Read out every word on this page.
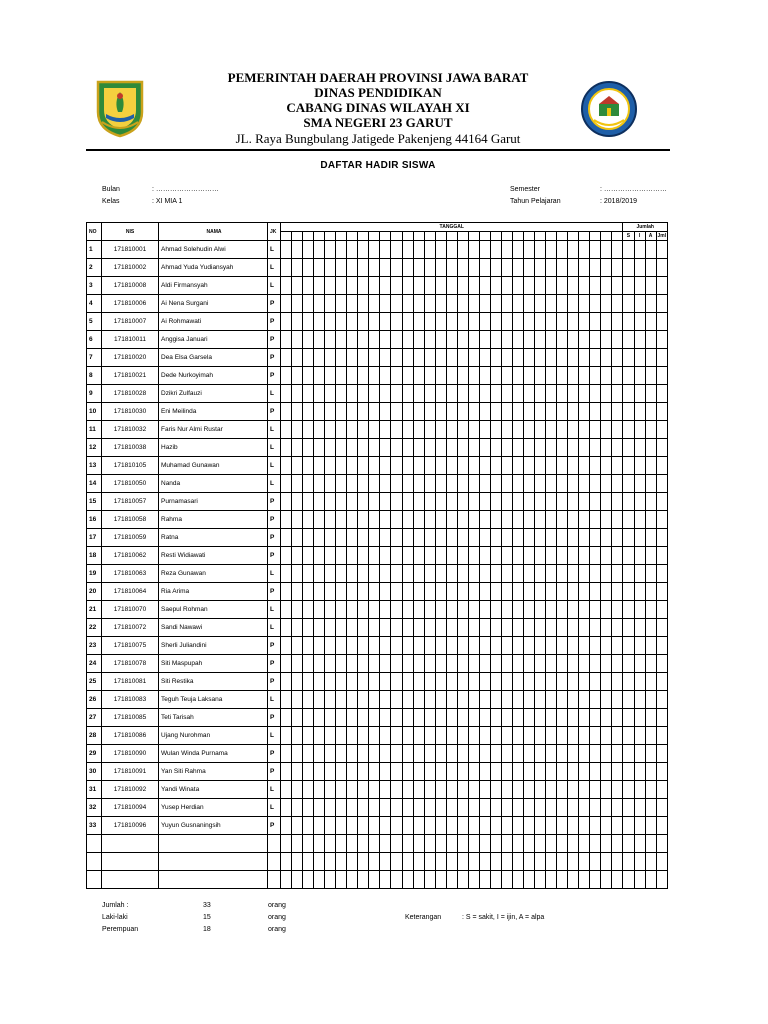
PEMERINTAH DAERAH PROVINSI JAWA BARAT
DINAS PENDIDIKAN
CABANG DINAS WILAYAH XI
SMA NEGERI 23 GARUT
JL. Raya Bungbulang Jatigede Pakenjeng 44164 Garut
DAFTAR HADIR SISWA
Bulan	: ………………………
Kelas	: XI MIA 1
Semester	: ………………………
Tahun Pelajaran	: 2018/2019
NO	NIS	NAMA	JK	TANGGAL																															Jumlah			
																																			S	I	A	Jml
1	171810001	Ahmad Solehudin Alwi	L																																			
2	171810002	Ahmad Yuda Yudiansyah	L																																			
3	171810008	Aldi Firmansyah	L																																			
4	171810006	Ai Nena Surgani	P																																			
5	171810007	Ai Rohmawati	P																																			
6	171810011	Anggisa Januari	P																																			
7	171810020	Dea Elsa Garsela	P																																			
8	171810021	Dede Nurkoyimah	P																																			
9	171810028	Dzikri Zulfauzi	L																																			
10	171810030	Eni Meilinda	P																																			
11	171810032	Faris Nur Almi Rustar	L																																			
12	171810038	Hazib	L																																			
13	171810105	Muhamad Gunawan	L																																			
14	171810050	Nanda	L																																			
15	171810057	Purnamasari	P																																			
16	171810058	Rahma	P																																			
17	171810059	Ratna	P																																			
18	171810062	Resti Widiawati	P																																			
19	171810063	Reza Gunawan	L																																			
20	171810064	Ria Arima	P																																			
21	171810070	Saepul Rohman	L																																			
22	171810072	Sandi Nawawi	L																																			
23	171810075	Sherli Juliandini	P																																			
24	171810078	Siti Maspupah	P																																			
25	171810081	Siti Restika	P																																			
26	171810083	Teguh Teuja Laksana	L																																			
27	171810085	Teti Tarisah	P																																			
28	171810086	Ujang Nurohman	L																																			
29	171810090	Wulan Winda Purnama	P																																			
30	171810091	Yan Siti Rahma	P																																			
31	171810092	Yandi Winata	L																																			
32	171810094	Yusep Herdian	L																																			
33	171810096	Yuyun Gusnaningsih	P																																			

Jumlah :	33	orang
Laki-laki	15	orang
Perempuan	18	orang
Keterangan	: S = sakit, I = ijin, A = alpa
